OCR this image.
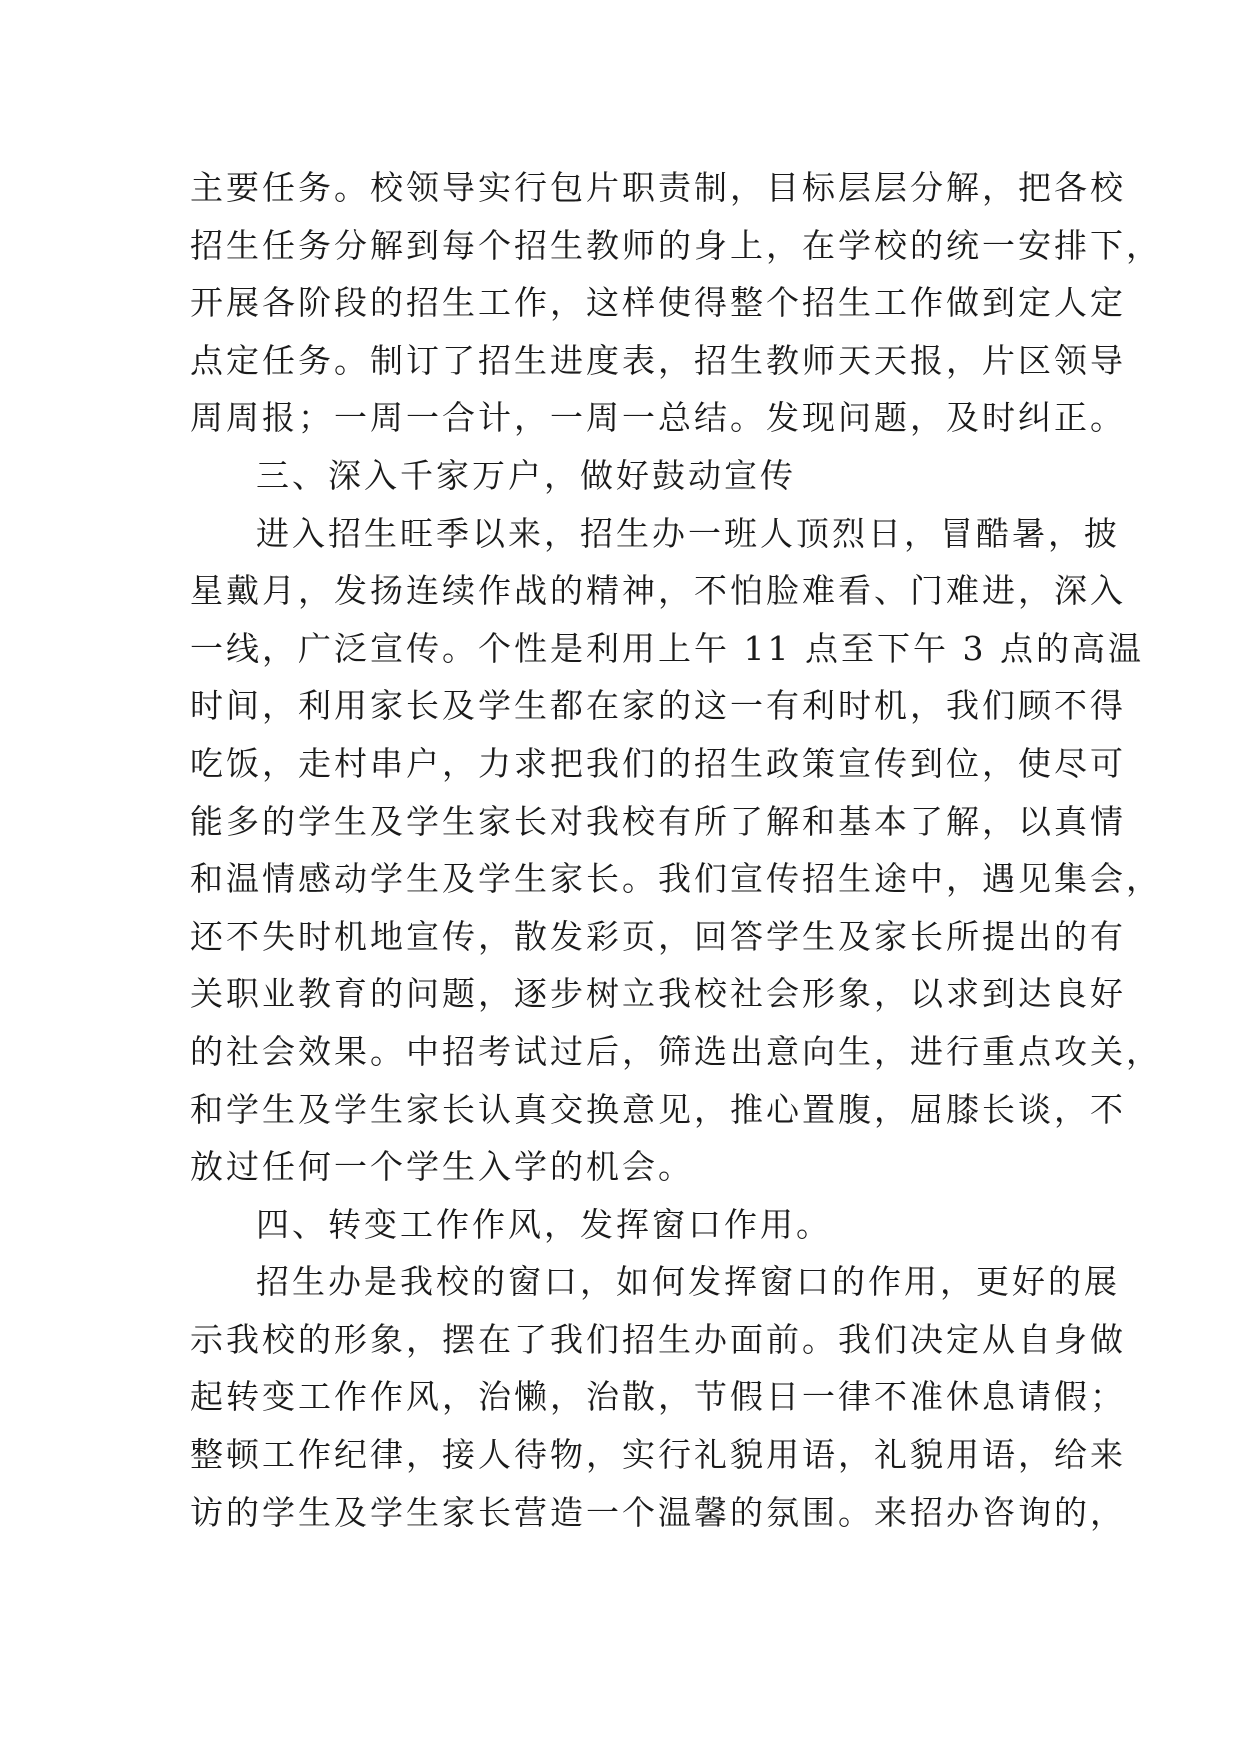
主要任务。校领导实行包片职责制，目标层层分解，把各校
招生任务分解到每个招生教师的身上，在学校的统一安排下，
开展各阶段的招生工作，这样使得整个招生工作做到定人定
点定任务。制订了招生进度表，招生教师天天报，片区领导
周周报；一周一合计，一周一总结。发现问题，及时纠正。
三、深入千家万户，做好鼓动宣传
进入招生旺季以来，招生办一班人顶烈日，冒酷暑，披
星戴月，发扬连续作战的精神，不怕脸难看、门难进，深入
一线，广泛宣传。个性是利用上午 11 点至下午 3 点的高温
时间，利用家长及学生都在家的这一有利时机，我们顾不得
吃饭，走村串户，力求把我们的招生政策宣传到位，使尽可
能多的学生及学生家长对我校有所了解和基本了解，以真情
和温情感动学生及学生家长。我们宣传招生途中，遇见集会，
还不失时机地宣传，散发彩页，回答学生及家长所提出的有
关职业教育的问题，逐步树立我校社会形象，以求到达良好
的社会效果。中招考试过后，筛选出意向生，进行重点攻关，
和学生及学生家长认真交换意见，推心置腹，屈膝长谈，不
放过任何一个学生入学的机会。
四、转变工作作风，发挥窗口作用。
招生办是我校的窗口，如何发挥窗口的作用，更好的展
示我校的形象，摆在了我们招生办面前。我们决定从自身做
起转变工作作风，治懒，治散，节假日一律不准休息请假；
整顿工作纪律，接人待物，实行礼貌用语，礼貌用语，给来
访的学生及学生家长营造一个温馨的氛围。来招办咨询的，
